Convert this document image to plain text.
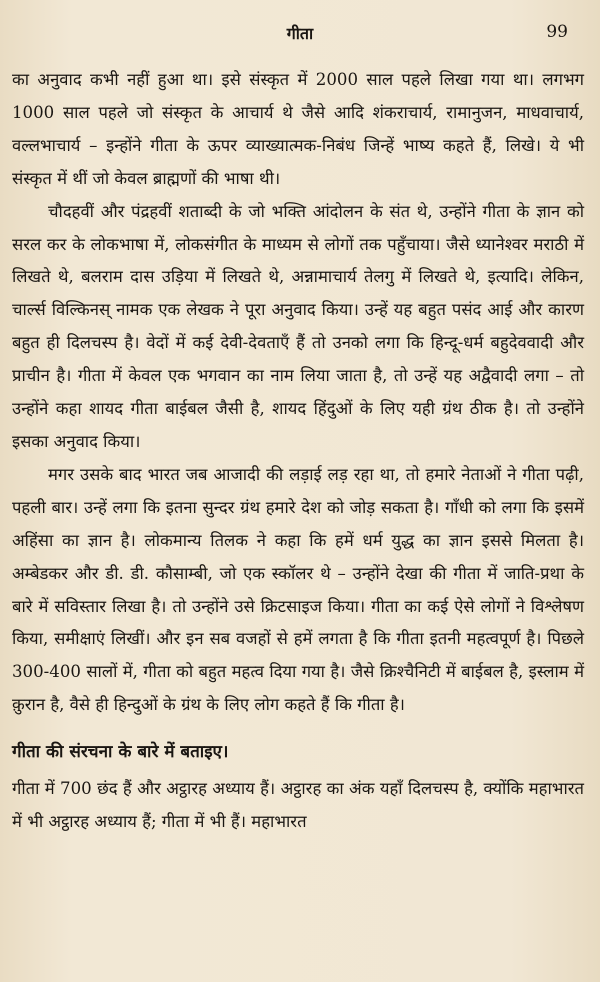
गीता	99

का अनुवाद कभी नहीं हुआ था। इसे संस्कृत में 2000 साल पहले लिखा गया था। लगभग 1000 साल पहले जो संस्कृत के आचार्य थे जैसे आदि शंकराचार्य, रामानुजन, माधवाचार्य, वल्लभाचार्य – इन्होंने गीता के ऊपर व्याख्यात्मक-निबंध जिन्हें भाष्य कहते हैं, लिखे। ये भी संस्कृत में थीं जो केवल ब्राह्मणों की भाषा थी।

चौदहवीं और पंद्रहवीं शताब्दी के जो भक्ति आंदोलन के संत थे, उन्होंने गीता के ज्ञान को सरल कर के लोकभाषा में, लोकसंगीत के माध्यम से लोगों तक पहुँचाया। जैसे ध्यानेश्वर मराठी में लिखते थे, बलराम दास उड़िया में लिखते थे, अन्नामाचार्य तेलगु में लिखते थे, इत्यादि। लेकिन, चार्ल्स विल्किनस् नामक एक लेखक ने पूरा अनुवाद किया। उन्हें यह बहुत पसंद आई और कारण बहुत ही दिलचस्प है। वेदों में कई देवी-देवताएँ हैं तो उनको लगा कि हिन्दू-धर्म बहुदेववादी और प्राचीन है। गीता में केवल एक भगवान का नाम लिया जाता है, तो उन्हें यह अद्वैवादी लगा – तो उन्होंने कहा शायद गीता बाईबल जैसी है, शायद हिंदुओं के लिए यही ग्रंथ ठीक है। तो उन्होंने इसका अनुवाद किया।

मगर उसके बाद भारत जब आजादी की लड़ाई लड़ रहा था, तो हमारे नेताओं ने गीता पढ़ी, पहली बार। उन्हें लगा कि इतना सुन्दर ग्रंथ हमारे देश को जोड़ सकता है। गाँधी को लगा कि इसमें अहिंसा का ज्ञान है। लोकमान्य तिलक ने कहा कि हमें धर्म युद्ध का ज्ञान इससे मिलता है। अम्बेडकर और डी. डी. कौसाम्बी, जो एक स्कॉलर थे – उन्होंने देखा की गीता में जाति-प्रथा के बारे में सविस्तार लिखा है। तो उन्होंने उसे क्रिटसाइज किया। गीता का कई ऐसे लोगों ने विश्लेषण किया, समीक्षाएं लिखीं। और इन सब वजहों से हमें लगता है कि गीता इतनी महत्वपूर्ण है। पिछले 300-400 सालों में, गीता को बहुत महत्व दिया गया है। जैसे क्रिश्चैनिटी में बाईबल है, इस्लाम में क़ुरान है, वैसे ही हिन्दुओं के ग्रंथ के लिए लोग कहते हैं कि गीता है।

गीता की संरचना के बारे में बताइए।

गीता में 700 छंद हैं और अट्ठारह अध्याय हैं। अट्ठारह का अंक यहाँ दिलचस्प है, क्योंकि महाभारत में भी अट्ठारह अध्याय हैं; गीता में भी हैं। महाभारत
